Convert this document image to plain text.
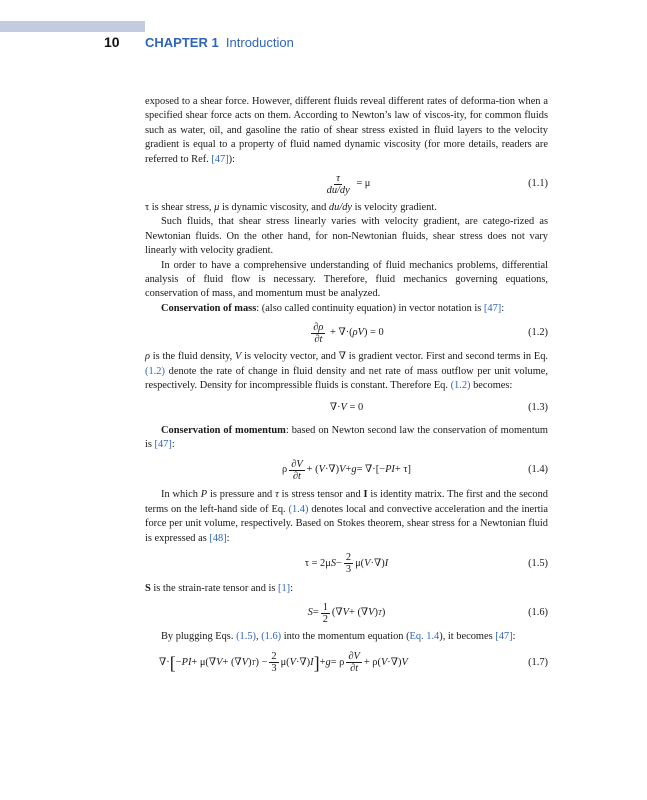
10 CHAPTER 1 Introduction

exposed to a shear force. However, different fluids reveal different rates of deforma-tion when a specified shear force acts on them. According to Newton’s law of viscos-ity, for common fluids such as water, oil, and gasoline the ratio of shear stress existed in fluid layers to the velocity gradient is equal to a property of fluid named dynamic viscosity (for more details, readers are referred to Ref. [47]):

$\frac{\tau}{du/dy} = \mu$	(1.1)

τ is shear stress, μ is dynamic viscosity, and du/dy is velocity gradient.

Such fluids, that shear stress linearly varies with velocity gradient, are catego-rized as Newtonian fluids. On the other hand, for non-Newtonian fluids, shear stress does not vary linearly with velocity gradient.

In order to have a comprehensive understanding of fluid mechanics problems, differential analysis of fluid flow is necessary. Therefore, fluid mechanics governing equations, conservation of mass, and momentum must be analyzed.

Conservation of mass: (also called continuity equation) in vector notation is [47]:

$\frac{\partial\rho}{\partial t}$ + ∇·( ρV ) = 0	(1.2)

ρ is the fluid density, V is velocity vector, and ∇ is gradient vector. First and second terms in Eq. (1.2) denote the rate of change in fluid density and net rate of mass outflow per unit volume, respectively. Density for incompressible fluids is constant. Therefore Eq. (1.2) becomes:

∇· V = 0	(1.3)

Conservation of momentum: based on Newton second law the conservation of momentum is [47]:

ρ $\frac{\partial V}{\partial t}$ + ( V ·∇) V + g = ∇·[− PI + τ]	(1.4)

In which P is pressure and τ is stress tensor and I is identity matrix. The first and the second terms on the left-hand side of Eq. (1.4) denotes local and convective acceleration and the inertia force per unit volume, respectively. Based on Stokes theorem, shear stress for a Newtonian fluid is expressed as [48]:

τ = 2μ $S - \frac{2}{3} \mu$( V ·∇) I	(1.5)

S is the strain-rate tensor and is [1]:

$S = \frac{1}{2}$ (∇ V + (∇ V ) T )	(1.6)

By plugging Eqs. (1.5), (1.6) into the momentum equation (Eq. 1.4), it becomes [47]:

∇· [ − PI + μ(∇ V + (∇ V ) T ) − $\frac{2}{3} \mu$( V ·∇) I ] + g = ρ $\frac{\partial V}{\partial t} + \rho$( V ·∇) V	(1.7)
